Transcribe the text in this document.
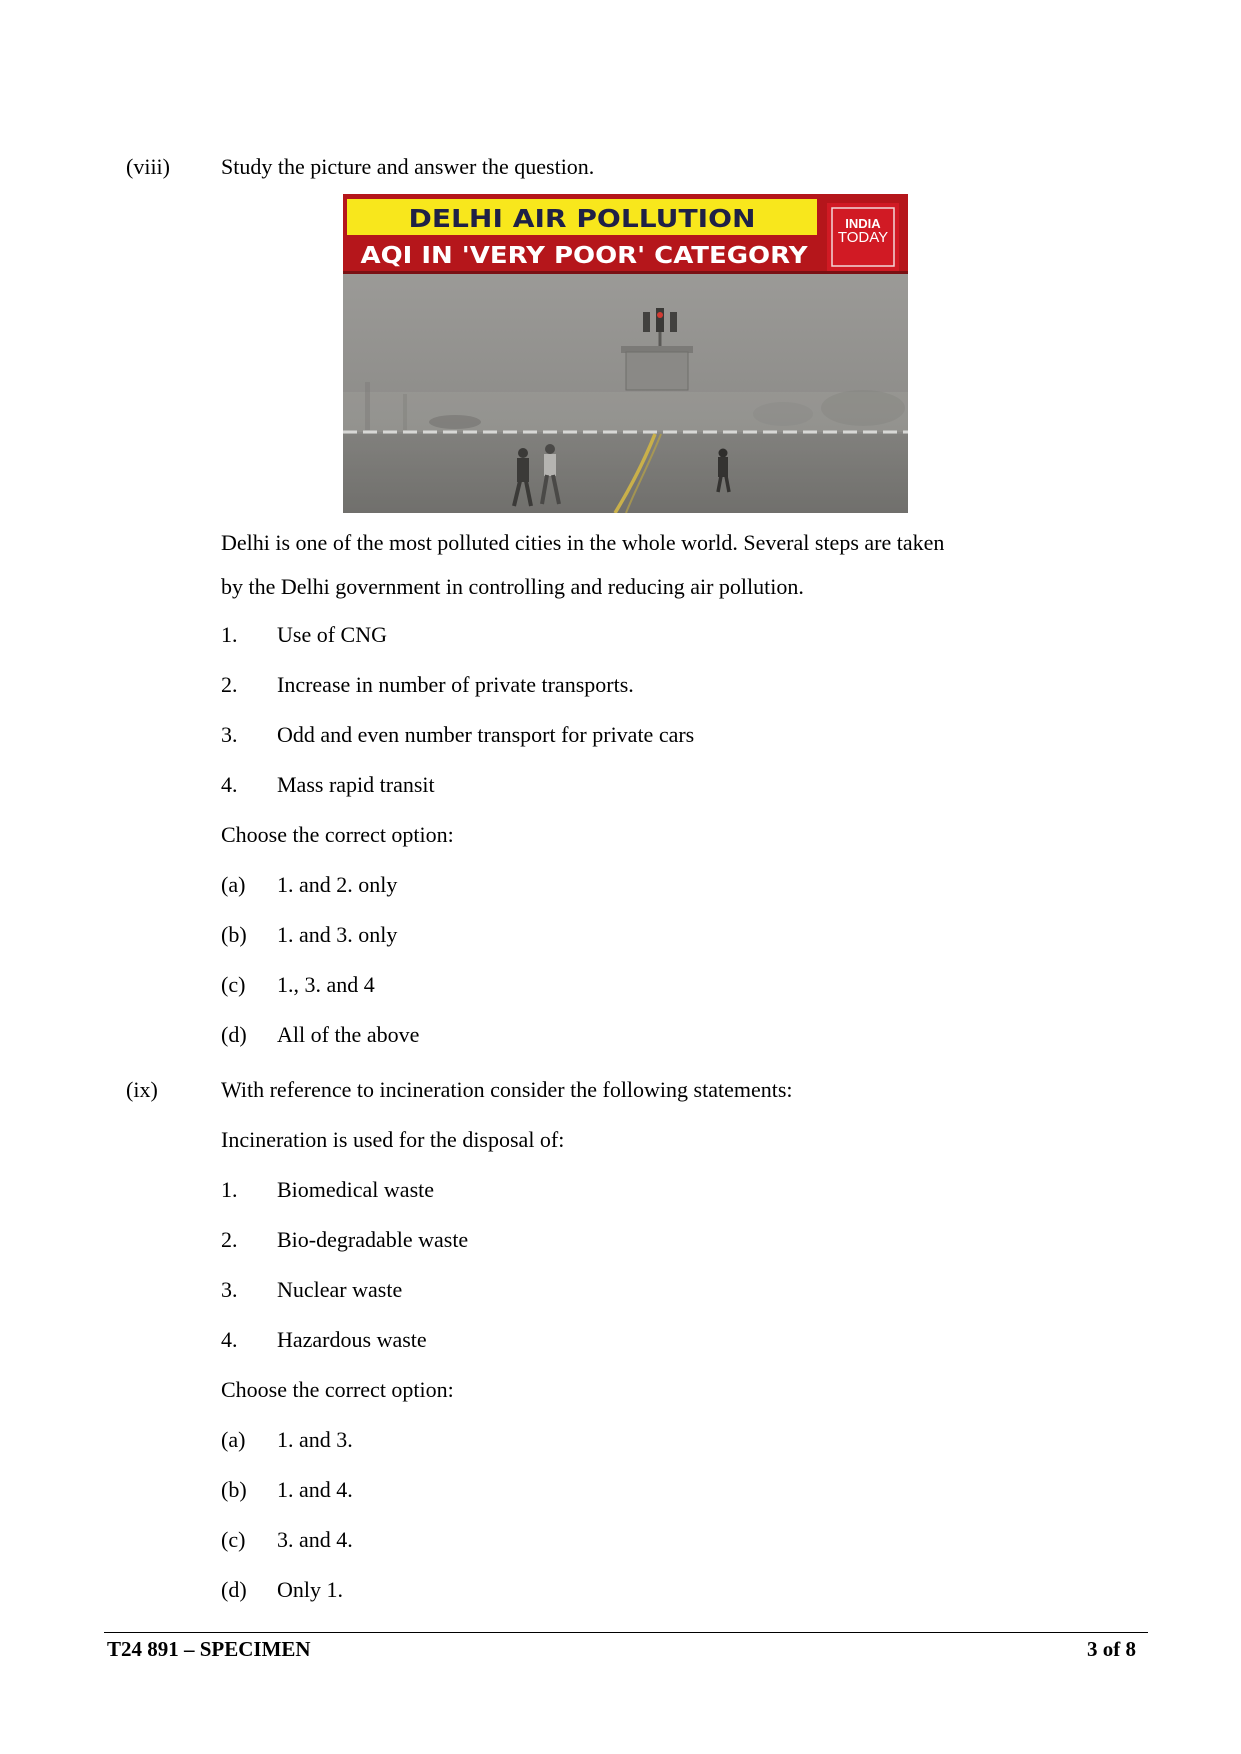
(viii) Study the picture and answer the question.
DELHI AIR POLLUTION
AQI IN 'VERY POOR' CATEGORY
INDIA
TODAY
Delhi is one of the most polluted cities in the whole world. Several steps are taken
by the Delhi government in controlling and reducing air pollution.
1. Use of CNG
2. Increase in number of private transports.
3. Odd and even number transport for private cars
4. Mass rapid transit
Choose the correct option:
(a) 1. and 2. only
(b) 1. and 3. only
(c) 1., 3. and 4
(d) All of the above
(ix)	With reference to incineration consider the following statements:
Incineration is used for the disposal of:
1. Biomedical waste
2. Bio-degradable waste
3. Nuclear waste
4. Hazardous waste
Choose the correct option:
(a) 1. and 3.
(b) 1. and 4.
(c) 3. and 4.
(d) Only 1.
T24 891 – SPECIMEN	3 of 8
